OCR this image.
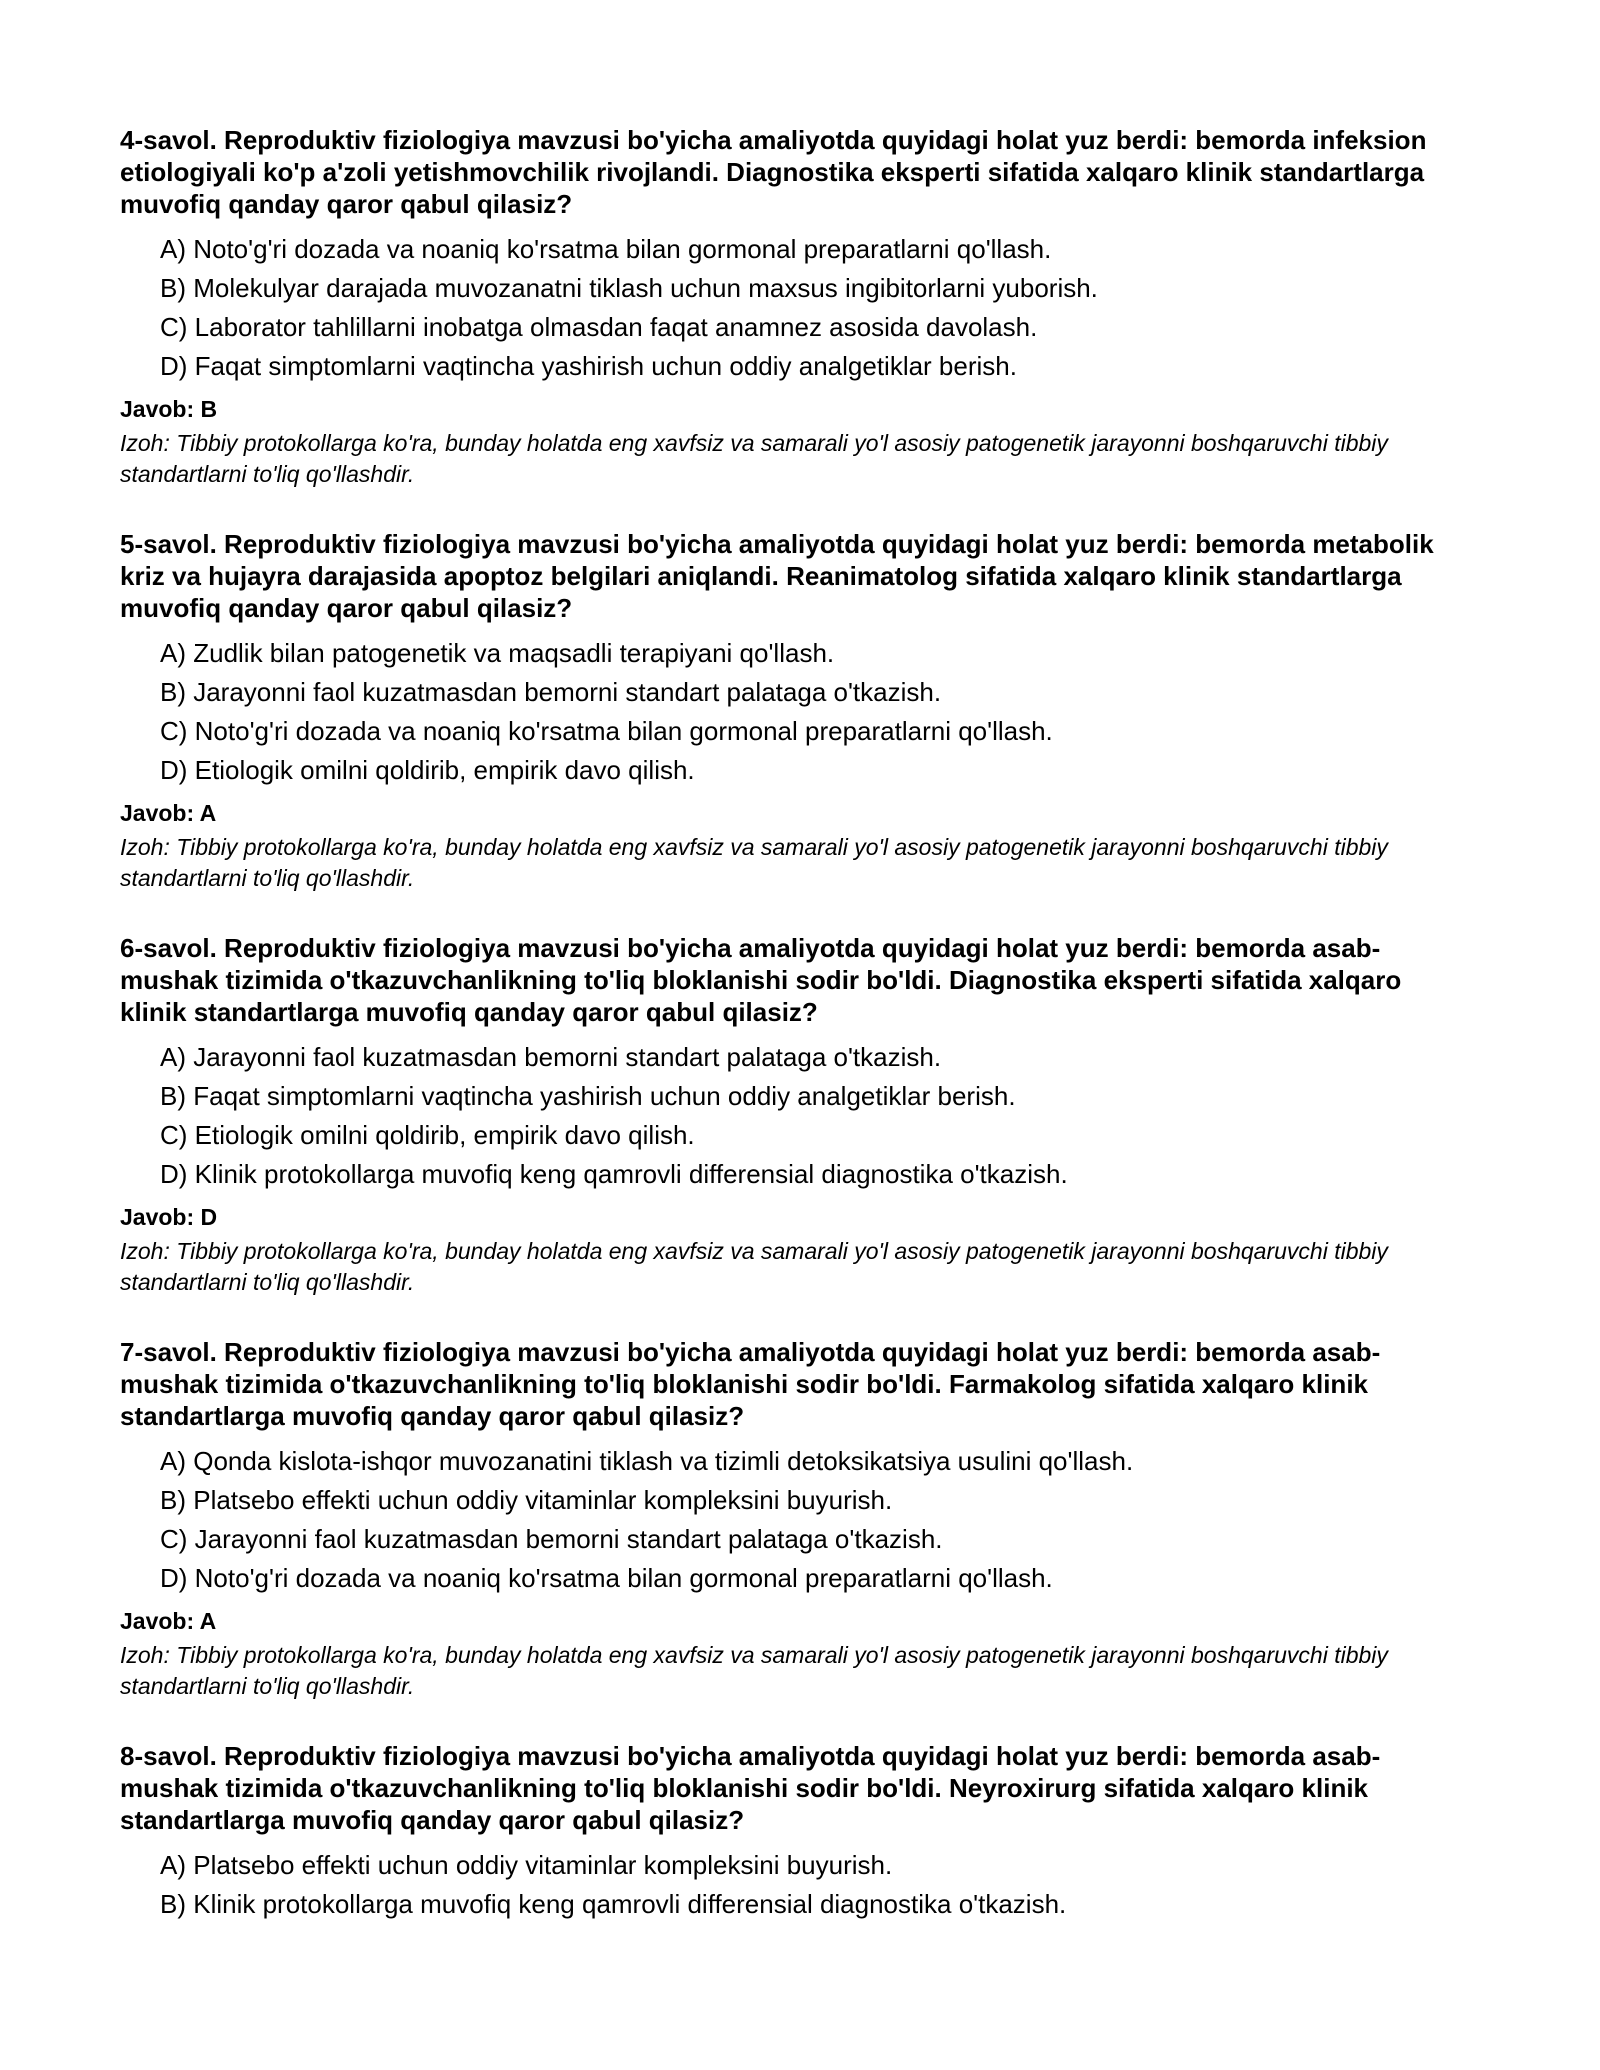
4-savol. Reproduktiv fiziologiya mavzusi bo'yicha amaliyotda quyidagi holat yuz berdi: bemorda infeksion etiologiyali ko'p a'zoli yetishmovchilik rivojlandi. Diagnostika eksperti sifatida xalqaro klinik standartlarga muvofiq qanday qaror qabul qilasiz?

A) Noto'g'ri dozada va noaniq ko'rsatma bilan gormonal preparatlarni qo'llash.
B) Molekulyar darajada muvozanatni tiklash uchun maxsus ingibitorlarni yuborish.
C) Laborator tahlillarni inobatga olmasdan faqat anamnez asosida davolash.
D) Faqat simptomlarni vaqtincha yashirish uchun oddiy analgetiklar berish.

Javob: B

Izoh: Tibbiy protokollarga ko'ra, bunday holatda eng xavfsiz va samarali yo'l asosiy patogenetik jarayonni boshqaruvchi tibbiy standartlarni to'liq qo'llashdir.

5-savol. Reproduktiv fiziologiya mavzusi bo'yicha amaliyotda quyidagi holat yuz berdi: bemorda metabolik kriz va hujayra darajasida apoptoz belgilari aniqlandi. Reanimatolog sifatida xalqaro klinik standartlarga muvofiq qanday qaror qabul qilasiz?

A) Zudlik bilan patogenetik va maqsadli terapiyani qo'llash.
B) Jarayonni faol kuzatmasdan bemorni standart palataga o'tkazish.
C) Noto'g'ri dozada va noaniq ko'rsatma bilan gormonal preparatlarni qo'llash.
D) Etiologik omilni qoldirib, empirik davo qilish.

Javob: A

Izoh: Tibbiy protokollarga ko'ra, bunday holatda eng xavfsiz va samarali yo'l asosiy patogenetik jarayonni boshqaruvchi tibbiy standartlarni to'liq qo'llashdir.

6-savol. Reproduktiv fiziologiya mavzusi bo'yicha amaliyotda quyidagi holat yuz berdi: bemorda asab-mushak tizimida o'tkazuvchanlikning to'liq bloklanishi sodir bo'ldi. Diagnostika eksperti sifatida xalqaro klinik standartlarga muvofiq qanday qaror qabul qilasiz?

A) Jarayonni faol kuzatmasdan bemorni standart palataga o'tkazish.
B) Faqat simptomlarni vaqtincha yashirish uchun oddiy analgetiklar berish.
C) Etiologik omilni qoldirib, empirik davo qilish.
D) Klinik protokollarga muvofiq keng qamrovli differensial diagnostika o'tkazish.

Javob: D

Izoh: Tibbiy protokollarga ko'ra, bunday holatda eng xavfsiz va samarali yo'l asosiy patogenetik jarayonni boshqaruvchi tibbiy standartlarni to'liq qo'llashdir.

7-savol. Reproduktiv fiziologiya mavzusi bo'yicha amaliyotda quyidagi holat yuz berdi: bemorda asab-mushak tizimida o'tkazuvchanlikning to'liq bloklanishi sodir bo'ldi. Farmakolog sifatida xalqaro klinik standartlarga muvofiq qanday qaror qabul qilasiz?

A) Qonda kislota-ishqor muvozanatini tiklash va tizimli detoksikatsiya usulini qo'llash.
B) Platsebo effekti uchun oddiy vitaminlar kompleksini buyurish.
C) Jarayonni faol kuzatmasdan bemorni standart palataga o'tkazish.
D) Noto'g'ri dozada va noaniq ko'rsatma bilan gormonal preparatlarni qo'llash.

Javob: A

Izoh: Tibbiy protokollarga ko'ra, bunday holatda eng xavfsiz va samarali yo'l asosiy patogenetik jarayonni boshqaruvchi tibbiy standartlarni to'liq qo'llashdir.

8-savol. Reproduktiv fiziologiya mavzusi bo'yicha amaliyotda quyidagi holat yuz berdi: bemorda asab-mushak tizimida o'tkazuvchanlikning to'liq bloklanishi sodir bo'ldi. Neyroxirurg sifatida xalqaro klinik standartlarga muvofiq qanday qaror qabul qilasiz?

A) Platsebo effekti uchun oddiy vitaminlar kompleksini buyurish.
B) Klinik protokollarga muvofiq keng qamrovli differensial diagnostika o'tkazish.
